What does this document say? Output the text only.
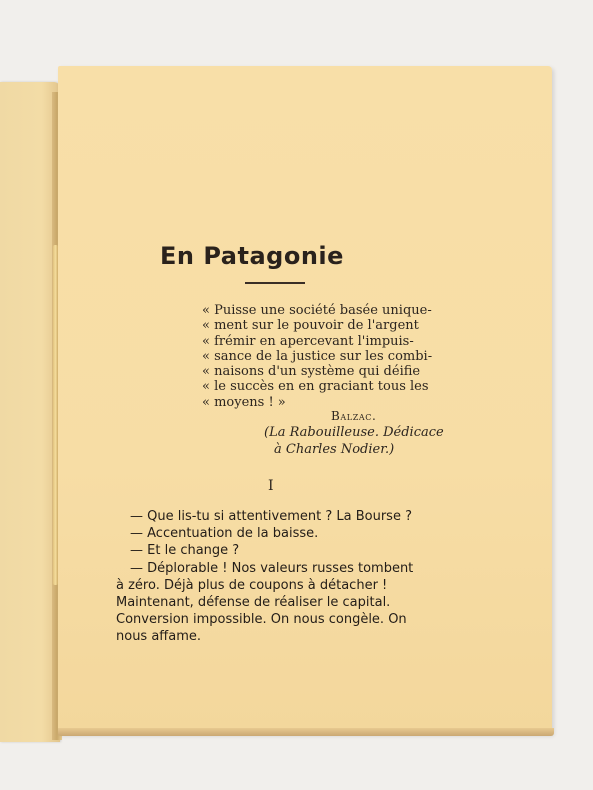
En Patagonie
« Puisse une société basée unique-
« ment sur le pouvoir de l'argent
« frémir en apercevant l'impuis-
« sance de la justice sur les combi-
« naisons d'un système qui déifie
« le succès en en graciant tous les
« moyens ! »
Balzac.
(La Rabouilleuse. Dédicace
à Charles Nodier.)
I
— Que lis-tu si attentivement ? La Bourse ?
— Accentuation de la baisse.
— Et le change ?
— Déplorable ! Nos valeurs russes tombent
à zéro. Déjà plus de coupons à détacher !
Maintenant, défense de réaliser le capital.
Conversion impossible. On nous congèle. On
nous affame.
